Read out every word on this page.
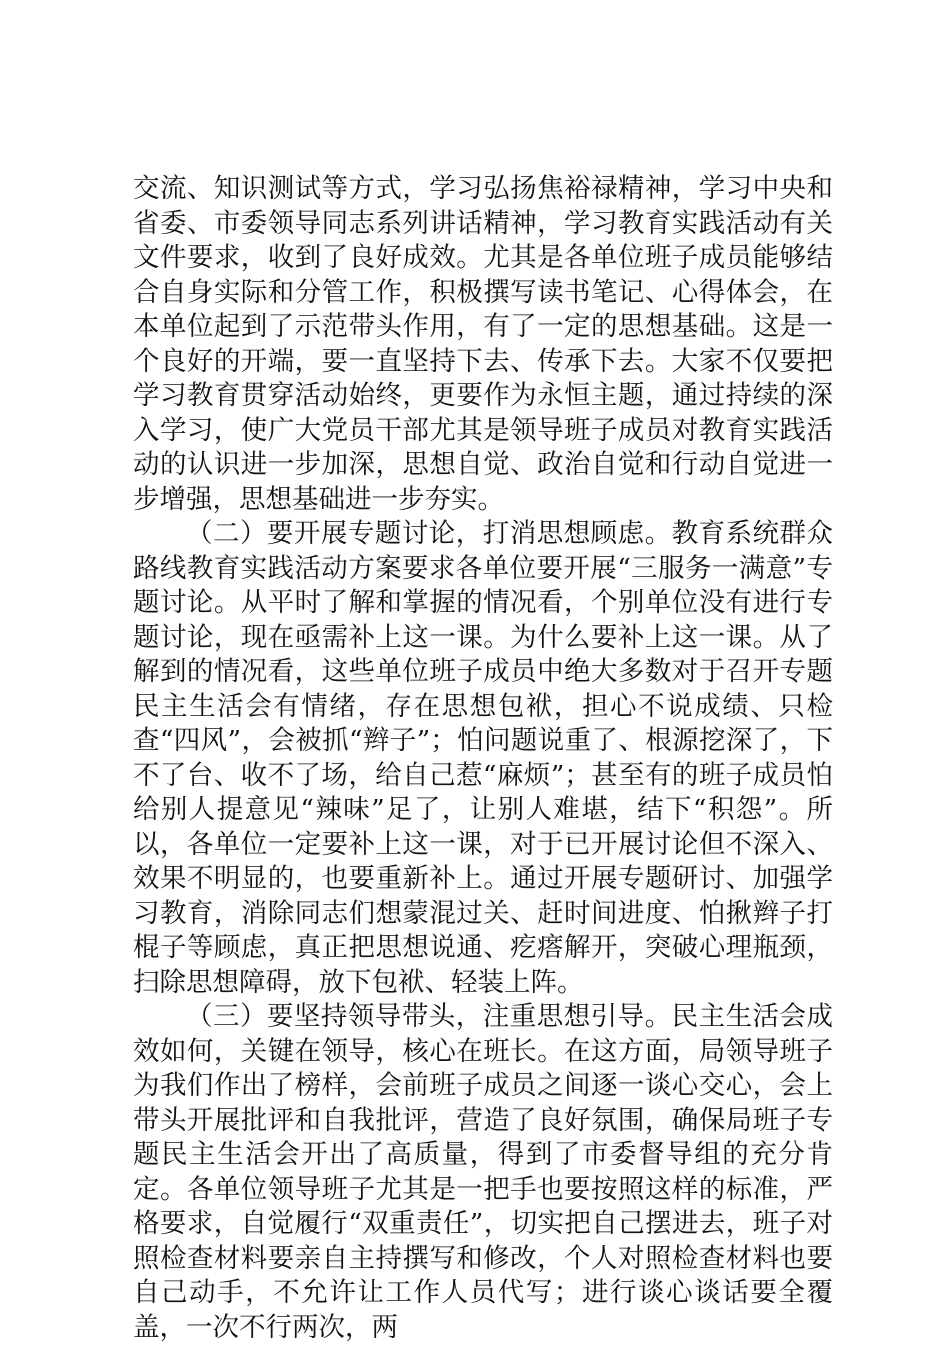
交流、知识测试等方式，学习弘扬焦裕禄精神，学习中央和省委、市委领导同志系列讲话精神，学习教育实践活动有关文件要求，收到了良好成效。尤其是各单位班子成员能够结合自身实际和分管工作，积极撰写读书笔记、心得体会，在本单位起到了示范带头作用，有了一定的思想基础。这是一个良好的开端，要一直坚持下去、传承下去。大家不仅要把学习教育贯穿活动始终，更要作为永恒主题，通过持续的深入学习，使广大党员干部尤其是领导班子成员对教育实践活动的认识进一步加深，思想自觉、政治自觉和行动自觉进一步增强，思想基础进一步夯实。

（二）要开展专题讨论，打消思想顾虑。教育系统群众路线教育实践活动方案要求各单位要开展“三服务一满意”专题讨论。从平时了解和掌握的情况看，个别单位没有进行专题讨论，现在亟需补上这一课。为什么要补上这一课。从了解到的情况看，这些单位班子成员中绝大多数对于召开专题民主生活会有情绪，存在思想包袱，担心不说成绩、只检查“四风”，会被抓“辫子”；怕问题说重了、根源挖深了，下不了台、收不了场，给自己惹“麻烦”；甚至有的班子成员怕给别人提意见“辣味”足了，让别人难堪，结下“积怨”。所以，各单位一定要补上这一课，对于已开展讨论但不深入、效果不明显的，也要重新补上。通过开展专题研讨、加强学习教育，消除同志们想蒙混过关、赶时间进度、怕揪辫子打棍子等顾虑，真正把思想说通、疙瘩解开，突破心理瓶颈，扫除思想障碍，放下包袱、轻装上阵。

（三）要坚持领导带头，注重思想引导。民主生活会成效如何，关键在领导，核心在班长。在这方面，局领导班子为我们作出了榜样，会前班子成员之间逐一谈心交心，会上带头开展批评和自我批评，营造了良好氛围，确保局班子专题民主生活会开出了高质量，得到了市委督导组的充分肯定。各单位领导班子尤其是一把手也要按照这样的标准，严格要求，自觉履行“双重责任”，切实把自己摆进去，班子对照检查材料要亲自主持撰写和修改，个人对照检查材料也要自己动手，不允许让工作人员代写；进行谈心谈话要全覆盖，一次不行两次，两
